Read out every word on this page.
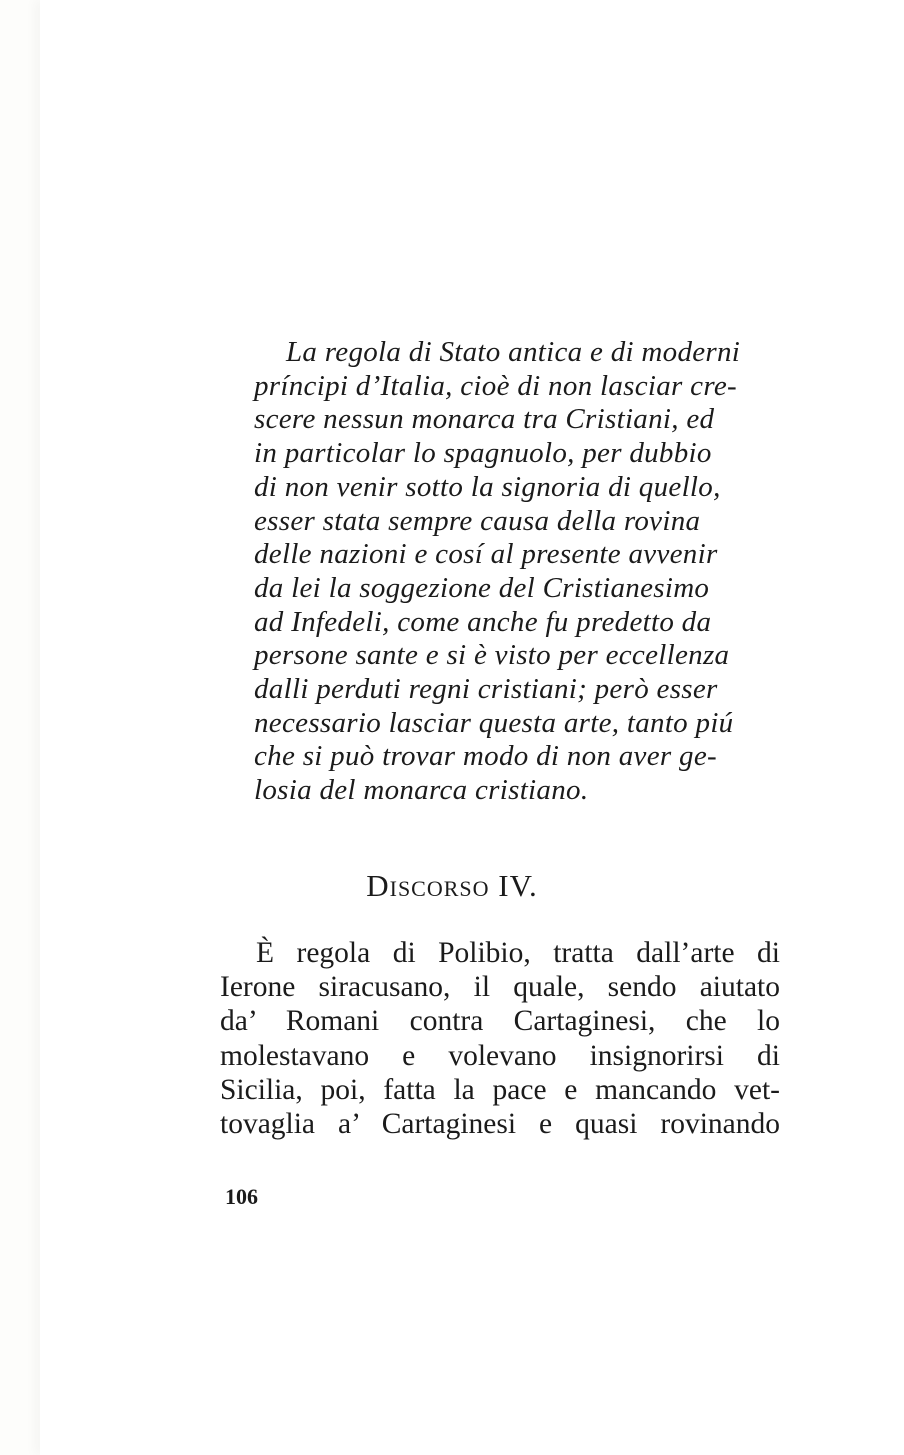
La regola di Stato antica e di moderni
príncipi d’Italia, cioè di non lasciar cre-
scere nessun monarca tra Cristiani, ed
in particolar lo spagnuolo, per dubbio
di non venir sotto la signoria di quello,
esser stata sempre causa della rovina
delle nazioni e cosí al presente avvenir
da lei la soggezione del Cristianesimo
ad Infedeli, come anche fu predetto da
persone sante e si è visto per eccellenza
dalli perduti regni cristiani; però esser
necessario lasciar questa arte, tanto piú
che si può trovar modo di non aver ge-
losia del monarca cristiano.
Discorso IV.
È regola di Polibio, tratta dall’arte di
Ierone siracusano, il quale, sendo aiutato
da’ Romani contra Cartaginesi, che lo
molestavano e volevano insignorirsi di
Sicilia, poi, fatta la pace e mancando vet-
tovaglia a’ Cartaginesi e quasi rovinando
106
